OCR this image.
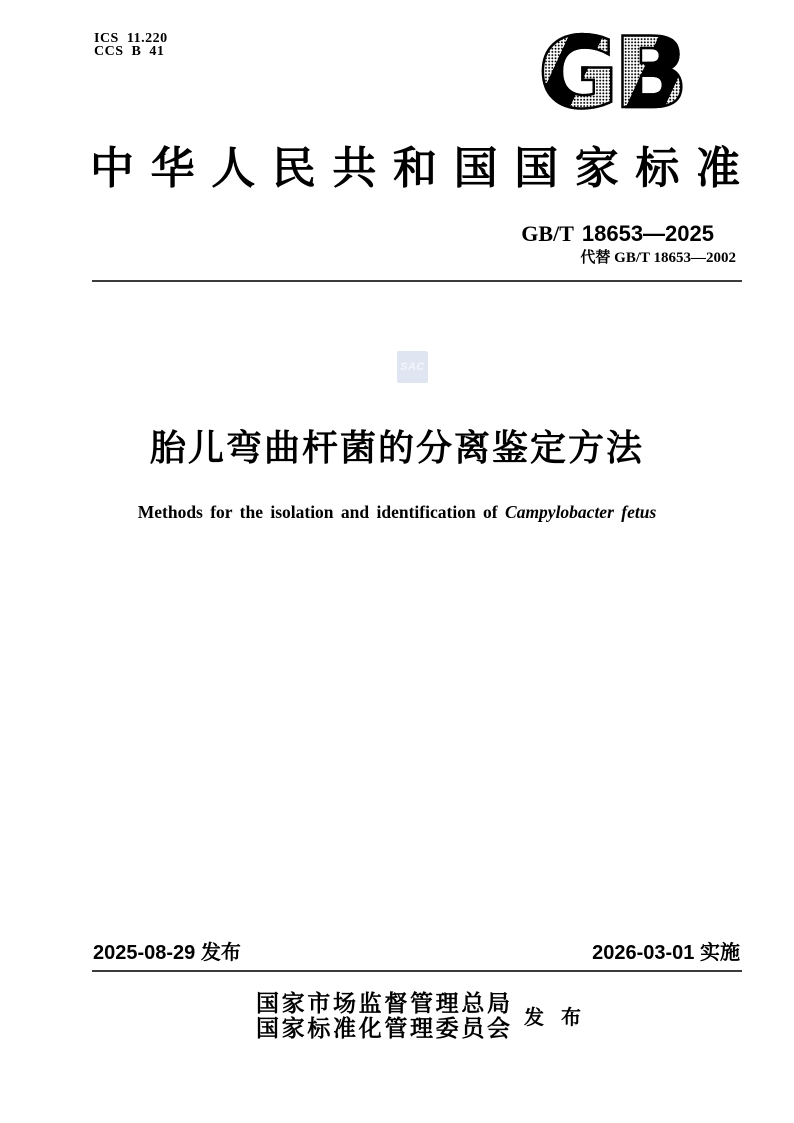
ICS  11.220
CCS  B  41	GB
中华人民共和国国家标准
GB/T 18653—2025
代替 GB/T 18653—2002
SAC
胎儿弯曲杆菌的分离鉴定方法
Methods for the isolation and identification of Campylobacter fetus
2025-08-29 发布	2026-03-01 实施
国家市场监督管理总局
国家标准化管理委员会 发 布
